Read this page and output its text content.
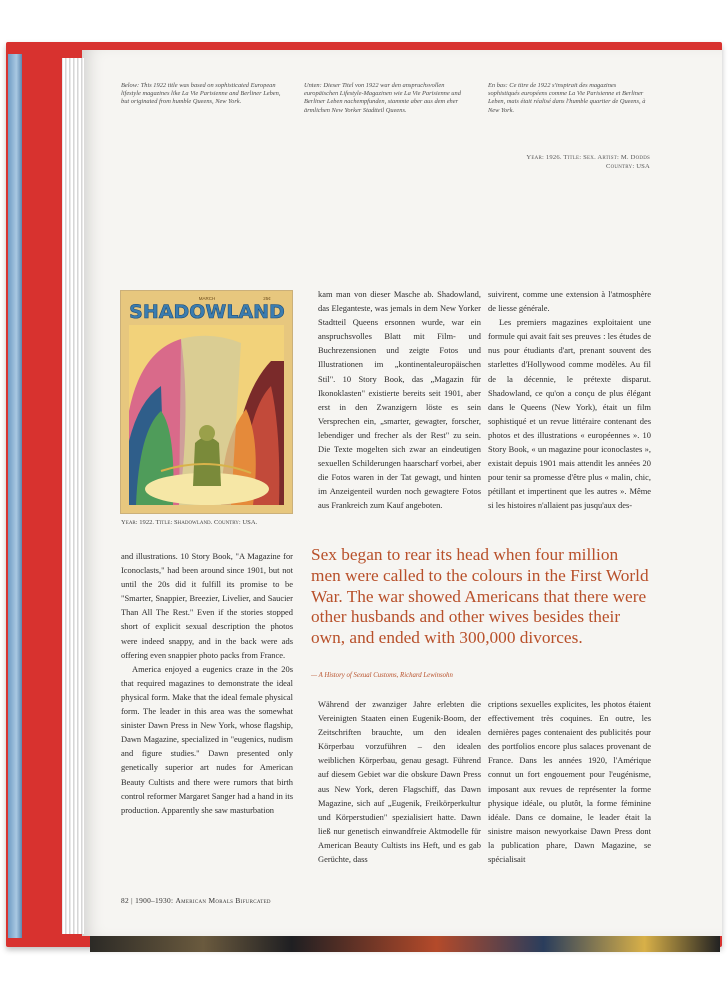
Below: This 1922 title was based on sophisticated European lifestyle magazines like La Vie Parisienne and Berliner Leben, but originated from humble Queens, New York.
Unten: Dieser Titel von 1922 war den anspruchsvollen europäischen Lifestyle-Magazinen wie La Vie Parisienne und Berliner Leben nachempfunden, stammte aber aus dem eher ärmlichen New Yorker Stadtteil Queens.
En bas: Ce titre de 1922 s'inspirait des magazines sophistiqués européens comme La Vie Parisienne et Berliner Leben, mais était réalisé dans l'humble quartier de Queens, à New York.
Year: 1926. Title: Sex. Artist: M. Dodds
Country: USA
MARCH	25¢
SHADOWLAND
Year: 1922. Title: Shadowland. Country: USA.

kam man von dieser Masche ab. Shadowland, das Eleganteste, was jemals in dem New Yorker Stadtteil Queens ersonnen wurde, war ein anspruchsvolles Blatt mit Film- und Buchrezensionen und zeigte Fotos und Illustrationen im „kontinentaleuropäischen Stil". 10 Story Book, das „Magazin für Ikonoklasten" existierte bereits seit 1901, aber erst in den Zwanzigern löste es sein Versprechen ein, „smarter, gewagter, forscher, lebendiger und frecher als der Rest" zu sein. Die Texte mogelten sich zwar an eindeutigen sexuellen Schilderungen haarscharf vorbei, aber die Fotos waren in der Tat gewagt, und hinten im Anzeigenteil wurden noch gewagtere Fotos aus Frankreich zum Kauf angeboten.

suivirent, comme une extension à l'atmosphère de liesse générale.

Les premiers magazines exploitaient une formule qui avait fait ses preuves : les études de nus pour étudiants d'art, prenant souvent des starlettes d'Hollywood comme modèles. Au fil de la décennie, le prétexte disparut. Shadowland, ce qu'on a conçu de plus élégant dans le Queens (New York), était un film sophistiqué et un revue littéraire contenant des photos et des illustrations « européennes ». 10 Story Book, « un magazine pour iconoclastes », existait depuis 1901 mais attendit les années 20 pour tenir sa promesse d'être plus « malin, chic, pétillant et impertinent que les autres ». Même si les histoires n'allaient pas jusqu'aux des-

and illustrations. 10 Story Book, "A Magazine for Iconoclasts," had been around since 1901, but not until the 20s did it fulfill its promise to be "Smarter, Snappier, Breezier, Livelier, and Saucier Than All The Rest." Even if the stories stopped short of explicit sexual description the photos were indeed snappy, and in the back were ads offering even snappier photo packs from France.

America enjoyed a eugenics craze in the 20s that required magazines to demonstrate the ideal physical form. Make that the ideal female physical form. The leader in this area was the somewhat sinister Dawn Press in New York, whose flagship, Dawn Magazine, specialized in "eugenics, nudism and figure studies." Dawn presented only genetically superior art nudes for American Beauty Cultists and there were rumors that birth control reformer Margaret Sanger had a hand in its production. Apparently she saw masturbation

Sex began to rear its head when four million men were called to the colours in the First World War. The war showed Americans that there were other husbands and other wives besides their own, and ended with 300,000 divorces.
— A History of Sexual Customs, Richard Lewinsohn

Während der zwanziger Jahre erlebten die Vereinigten Staaten einen Eugenik-Boom, der Zeitschriften brauchte, um den idealen Körperbau vorzuführen – den idealen weiblichen Körperbau, genau gesagt. Führend auf diesem Gebiet war die obskure Dawn Press aus New York, deren Flagschiff, das Dawn Magazine, sich auf „Eugenik, Freikörperkultur und Körperstudien" spezialisiert hatte. Dawn ließ nur genetisch einwandfreie Aktmodelle für American Beauty Cultists ins Heft, und es gab Gerüchte, dass

criptions sexuelles explicites, les photos étaient effectivement très coquines. En outre, les dernières pages contenaient des publicités pour des portfolios encore plus salaces provenant de France. Dans les années 1920, l'Amérique connut un fort engouement pour l'eugénisme, imposant aux revues de représenter la forme physique idéale, ou plutôt, la forme féminine idéale. Dans ce domaine, le leader était la sinistre maison newyorkaise Dawn Press dont la publication phare, Dawn Magazine, se spécialisait

82 | 1900–1930: American Morals Bifurcated
